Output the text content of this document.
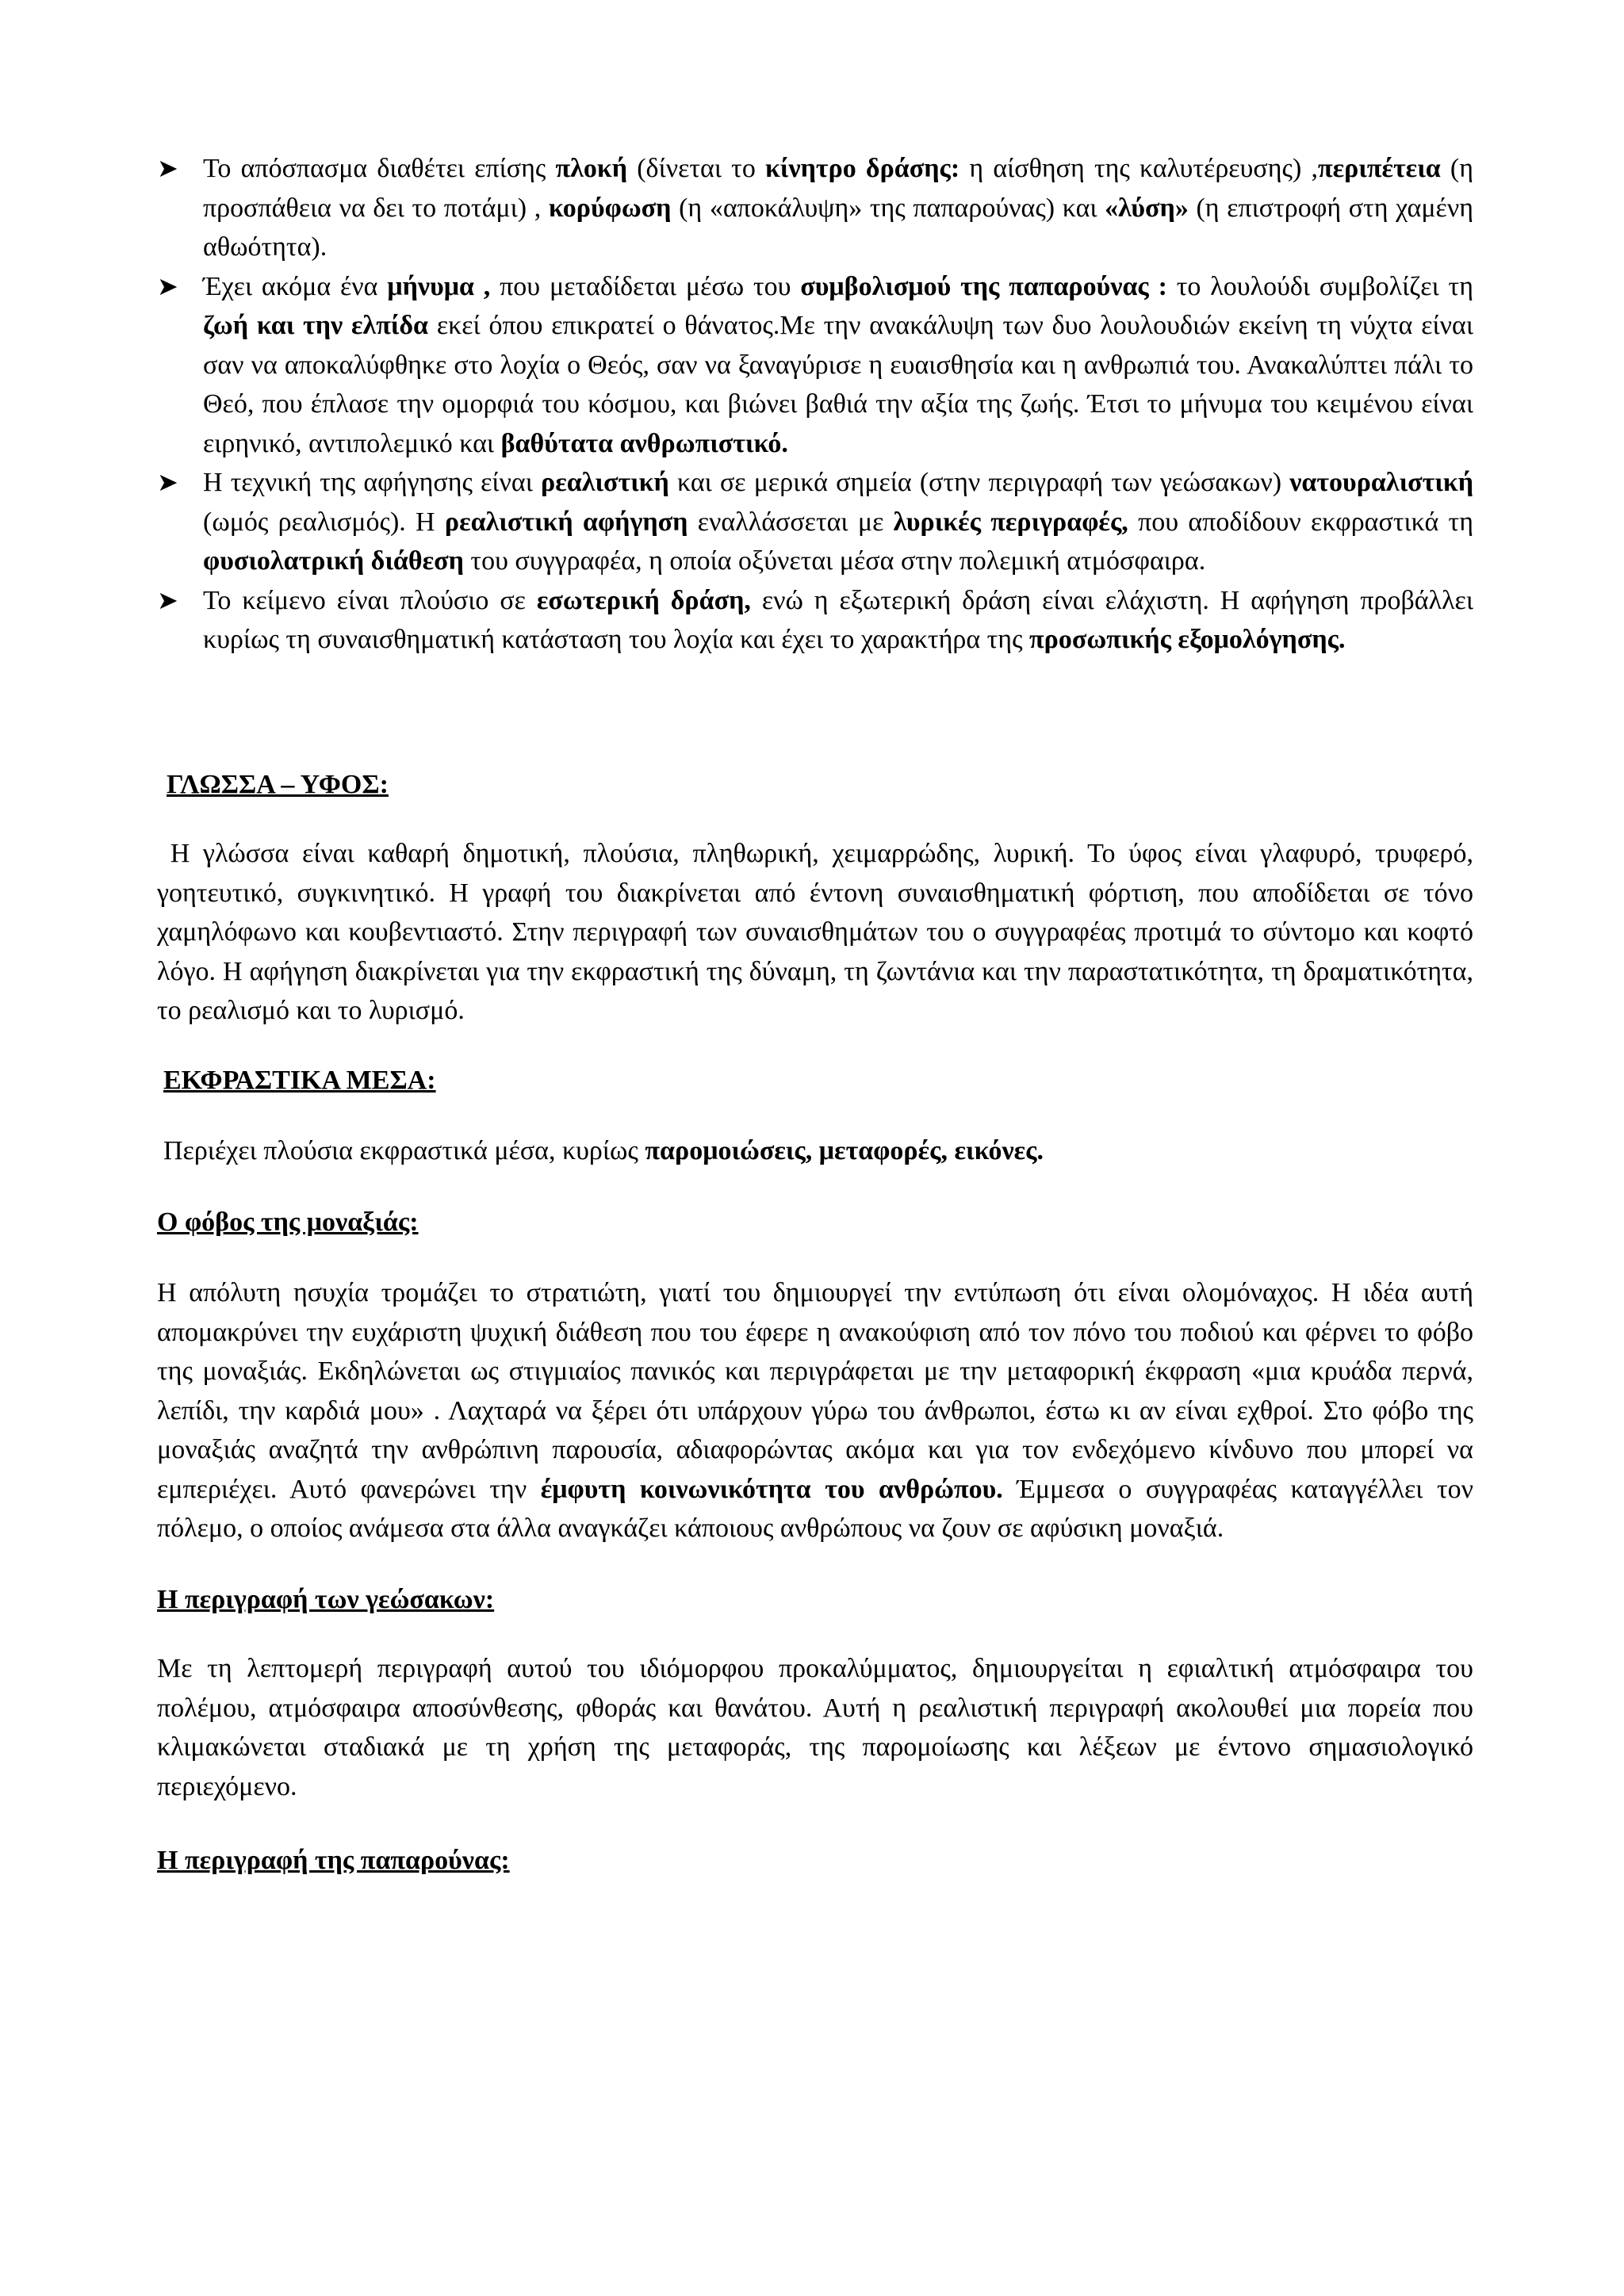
➤ Το απόσπασμα διαθέτει επίσης πλοκή (δίνεται το κίνητρο δράσης: η αίσθηση της καλυτέρευσης) ,περιπέτεια (η προσπάθεια να δει το ποτάμι) , κορύφωση (η «αποκάλυψη» της παπαρούνας) και «λύση» (η επιστροφή στη χαμένη αθωότητα).
➤ Έχει ακόμα ένα μήνυμα , που μεταδίδεται μέσω του συμβολισμού της παπαρούνας : το λουλούδι συμβολίζει τη ζωή και την ελπίδα εκεί όπου επικρατεί ο θάνατος.Με την ανακάλυψη των δυο λουλουδιών εκείνη τη νύχτα είναι σαν να αποκαλύφθηκε στο λοχία ο Θεός, σαν να ξαναγύρισε η ευαισθησία και η ανθρωπιά του. Ανακαλύπτει πάλι το Θεό, που έπλασε την ομορφιά του κόσμου, και βιώνει βαθιά την αξία της ζωής. Έτσι το μήνυμα του κειμένου είναι ειρηνικό, αντιπολεμικό και βαθύτατα ανθρωπιστικό.
➤ Η τεχνική της αφήγησης είναι ρεαλιστική και σε μερικά σημεία (στην περιγραφή των γεώσακων) νατουραλιστική (ωμός ρεαλισμός). Η ρεαλιστική αφήγηση εναλλάσσεται με λυρικές περιγραφές, που αποδίδουν εκφραστικά τη φυσιολατρική διάθεση του συγγραφέα, η οποία οξύνεται μέσα στην πολεμική ατμόσφαιρα.
➤ Το κείμενο είναι πλούσιο σε εσωτερική δράση, ενώ η εξωτερική δράση είναι ελάχιστη. Η αφήγηση προβάλλει κυρίως τη συναισθηματική κατάσταση του λοχία και έχει το χαρακτήρα της προσωπικής εξομολόγησης.

ΓΛΩΣΣΑ – ΥΦΟΣ:

Η γλώσσα είναι καθαρή δημοτική, πλούσια, πληθωρική, χειμαρρώδης, λυρική. Το ύφος είναι γλαφυρό, τρυφερό, γοητευτικό, συγκινητικό. Η γραφή του διακρίνεται από έντονη συναισθηματική φόρτιση, που αποδίδεται σε τόνο χαμηλόφωνο και κουβεντιαστό. Στην περιγραφή των συναισθημάτων του ο συγγραφέας προτιμά το σύντομο και κοφτό λόγο. Η αφήγηση διακρίνεται για την εκφραστική της δύναμη, τη ζωντάνια και την παραστατικότητα, τη δραματικότητα, το ρεαλισμό και το λυρισμό.

ΕΚΦΡΑΣΤΙΚΑ ΜΕΣΑ:

Περιέχει πλούσια εκφραστικά μέσα, κυρίως παρομοιώσεις, μεταφορές, εικόνες.

Ο φόβος της μοναξιάς:

Η απόλυτη ησυχία τρομάζει το στρατιώτη, γιατί του δημιουργεί την εντύπωση ότι είναι ολομόναχος. Η ιδέα αυτή απομακρύνει την ευχάριστη ψυχική διάθεση που του έφερε η ανακούφιση από τον πόνο του ποδιού και φέρνει το φόβο της μοναξιάς. Εκδηλώνεται ως στιγμιαίος πανικός και περιγράφεται με την μεταφορική έκφραση «μια κρυάδα περνά, λεπίδι, την καρδιά μου» . Λαχταρά να ξέρει ότι υπάρχουν γύρω του άνθρωποι, έστω κι αν είναι εχθροί. Στο φόβο της μοναξιάς αναζητά την ανθρώπινη παρουσία, αδιαφορώντας ακόμα και για τον ενδεχόμενο κίνδυνο που μπορεί να εμπεριέχει. Αυτό φανερώνει την έμφυτη κοινωνικότητα του ανθρώπου. Έμμεσα ο συγγραφέας καταγγέλλει τον πόλεμο, ο οποίος ανάμεσα στα άλλα αναγκάζει κάποιους ανθρώπους να ζουν σε αφύσικη μοναξιά.

Η περιγραφή των γεώσακων:

Με τη λεπτομερή περιγραφή αυτού του ιδιόμορφου προκαλύμματος, δημιουργείται η εφιαλτική ατμόσφαιρα του πολέμου, ατμόσφαιρα αποσύνθεσης, φθοράς και θανάτου. Αυτή η ρεαλιστική περιγραφή ακολουθεί μια πορεία που κλιμακώνεται σταδιακά με τη χρήση της μεταφοράς, της παρομοίωσης και λέξεων με έντονο σημασιολογικό περιεχόμενο.

Η περιγραφή της παπαρούνας:
